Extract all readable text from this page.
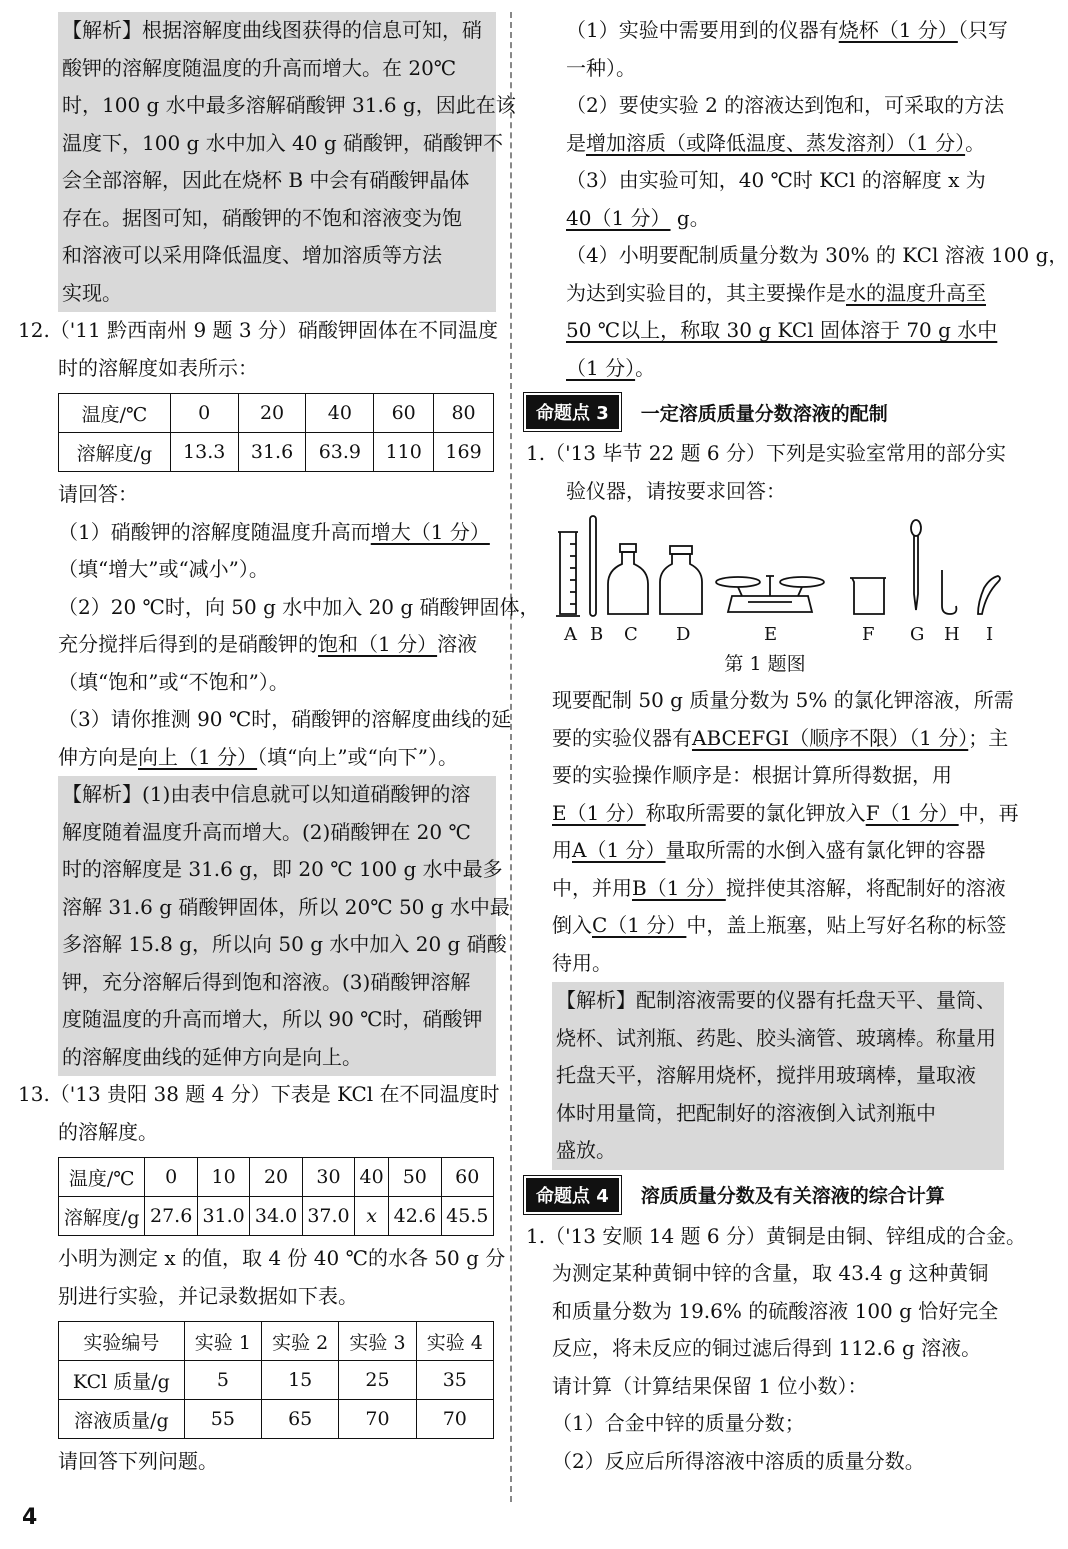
【解析】根据溶解度曲线图获得的信息可知，硝
酸钾的溶解度随温度的升高而增大。在 20℃
时，100 g 水中最多溶解硝酸钾 31.6 g，因此在该
温度下，100 g 水中加入 40 g 硝酸钾，硝酸钾不
会全部溶解，因此在烧杯 B 中会有硝酸钾晶体
存在。据图可知，硝酸钾的不饱和溶液变为饱
和溶液可以采用降低温度、增加溶质等方法
实现。
12.（'11 黔西南州 9 题 3 分）硝酸钾固体在不同温度
时的溶解度如表所示：
温度/℃	0	20	40	60	80
溶解度/g	13.3	31.6	63.9	110	169
请回答：
（1）硝酸钾的溶解度随温度升高而增大（1 分）
（填“增大”或“减小”）。
（2）20 ℃时，向 50 g 水中加入 20 g 硝酸钾固体，
充分搅拌后得到的是硝酸钾的饱和（1 分）溶液
（填“饱和”或“不饱和”）。
（3）请你推测 90 ℃时，硝酸钾的溶解度曲线的延
伸方向是向上（1 分）（填“向上”或“向下”）。
【解析】(1)由表中信息就可以知道硝酸钾的溶
解度随着温度升高而增大。(2)硝酸钾在 20 ℃
时的溶解度是 31.6 g，即 20 ℃ 100 g 水中最多
溶解 31.6 g 硝酸钾固体，所以 20℃ 50 g 水中最
多溶解 15.8 g，所以向 50 g 水中加入 20 g 硝酸
钾，充分溶解后得到饱和溶液。(3)硝酸钾溶解
度随温度的升高而增大，所以 90 ℃时，硝酸钾
的溶解度曲线的延伸方向是向上。
13.（'13 贵阳 38 题 4 分）下表是 KCl 在不同温度时
的溶解度。
温度/℃	0	10	20	30	40	50	60
溶解度/g	27.6	31.0	34.0	37.0	x	42.6	45.5
小明为测定 x 的值，取 4 份 40 ℃的水各 50 g 分
别进行实验，并记录数据如下表。
实验编号	实验 1	实验 2	实验 3	实验 4
KCl 质量/g	5	15	25	35
溶液质量/g	55	65	70	70
请回答下列问题。
（1）实验中需要用到的仪器有烧杯（1 分）（只写
一种）。
（2）要使实验 2 的溶液达到饱和，可采取的方法
是增加溶质（或降低温度、蒸发溶剂）（1 分）。
（3）由实验可知，40 ℃时 KCl 的溶解度 x 为
40（1 分） g。
（4）小明要配制质量分数为 30% 的 KCl 溶液 100 g，
为达到实验目的，其主要操作是水的温度升高至
50 ℃以上，称取 30 g KCl 固体溶于 70 g 水中
（1 分）。
命题点 3	一定溶质质量分数溶液的配制
1.（'13 毕节 22 题 6 分）下列是实验室常用的部分实
验仪器，请按要求回答：
A B C D	E	F G H I
第 1 题图
现要配制 50 g 质量分数为 5% 的氯化钾溶液，所需
要的实验仪器有ABCEFGI（顺序不限）（1 分）；主
要的实验操作顺序是：根据计算所得数据，用
E（1 分）称取所需要的氯化钾放入F（1 分）中，再
用A（1 分）量取所需的水倒入盛有氯化钾的容器
中，并用B（1 分）搅拌使其溶解，将配制好的溶液
倒入C（1 分）中，盖上瓶塞，贴上写好名称的标签
待用。
【解析】配制溶液需要的仪器有托盘天平、量筒、
烧杯、试剂瓶、药匙、胶头滴管、玻璃棒。称量用
托盘天平，溶解用烧杯，搅拌用玻璃棒，量取液
体时用量筒，把配制好的溶液倒入试剂瓶中
盛放。
命题点 4	溶质质量分数及有关溶液的综合计算
1.（'13 安顺 14 题 6 分）黄铜是由铜、锌组成的合金。
为测定某种黄铜中锌的含量，取 43.4 g 这种黄铜
和质量分数为 19.6% 的硫酸溶液 100 g 恰好完全
反应，将未反应的铜过滤后得到 112.6 g 溶液。
请计算（计算结果保留 1 位小数）：
（1）合金中锌的质量分数；
（2）反应后所得溶液中溶质的质量分数。
4
